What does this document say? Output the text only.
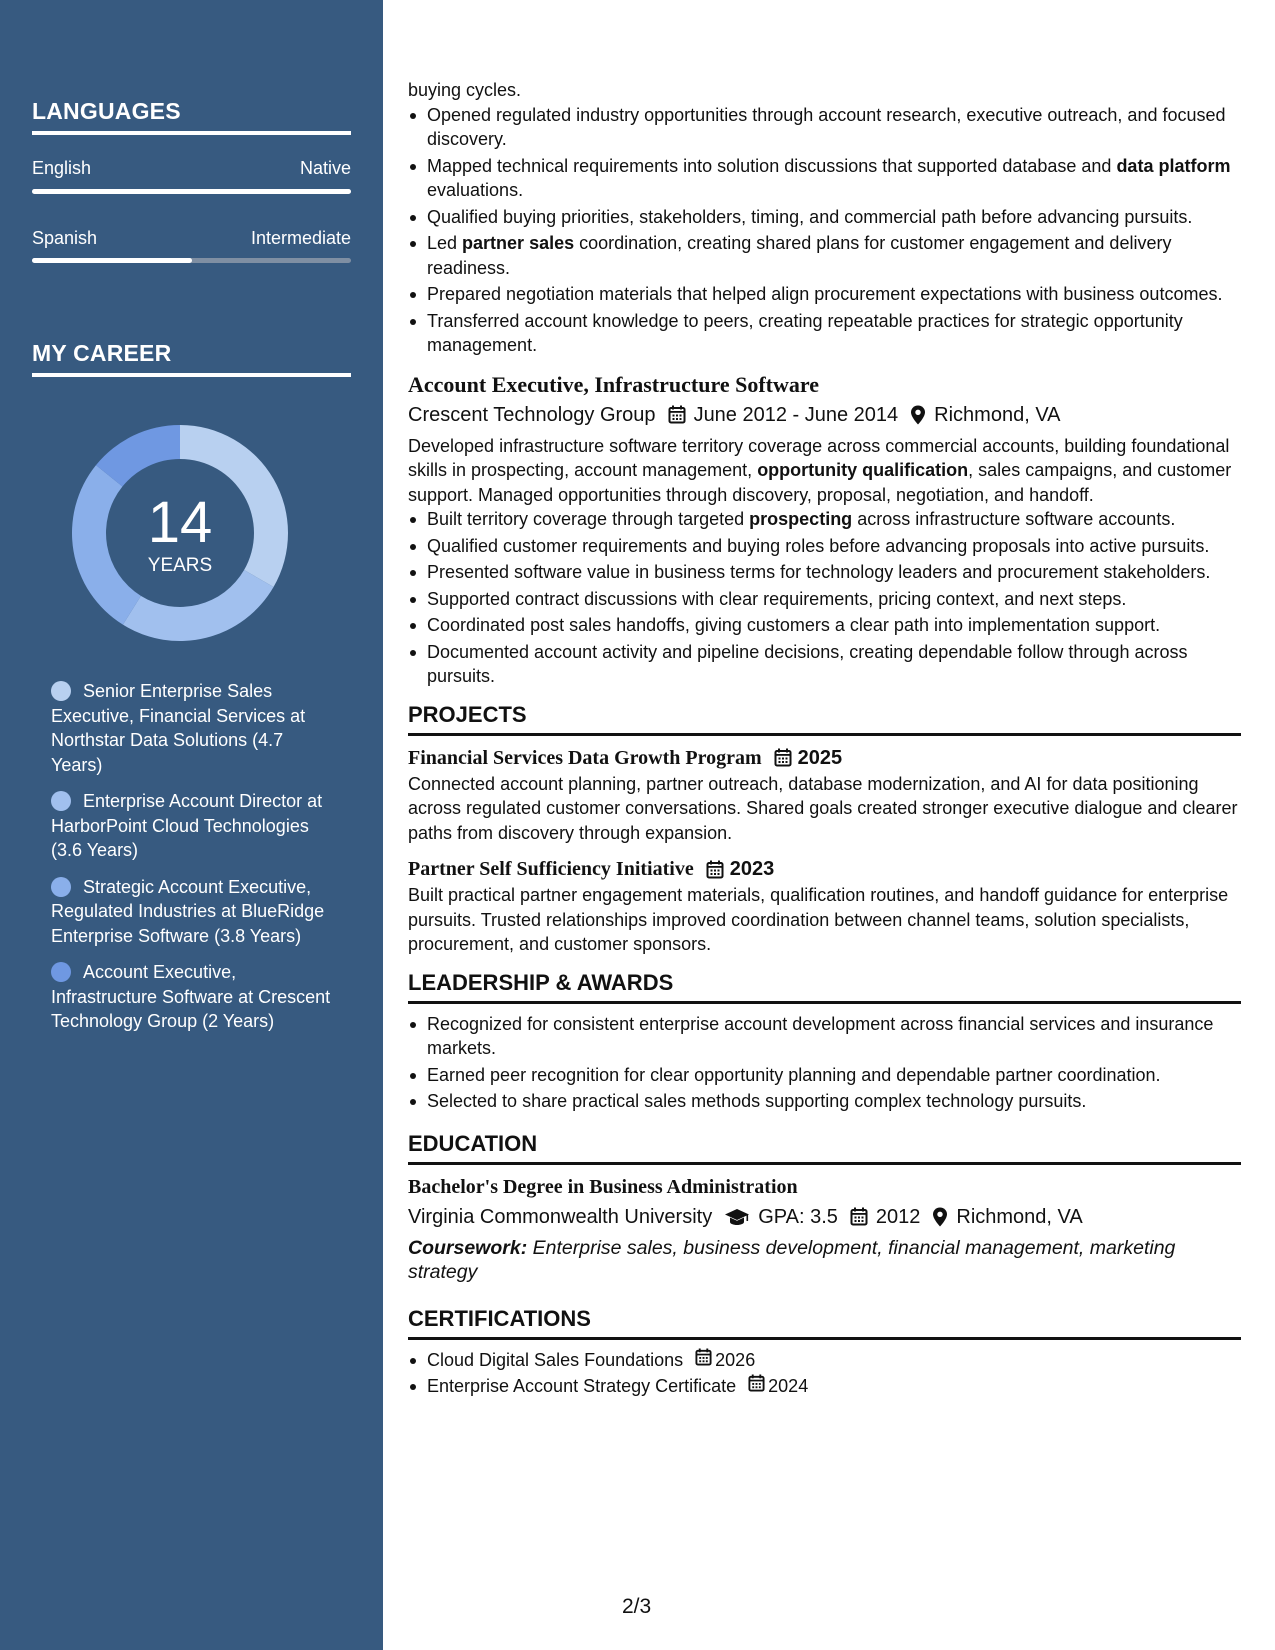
LANGUAGES
English	Native
Spanish	Intermediate
MY CAREER
14
YEARS
Senior Enterprise Sales Executive, Financial Services at Northstar Data Solutions (4.7 Years)
Enterprise Account Director at HarborPoint Cloud Technologies (3.6 Years)
Strategic Account Executive, Regulated Industries at BlueRidge Enterprise Software (3.8 Years)
Account Executive, Infrastructure Software at Crescent Technology Group (2 Years)
buying cycles.
Opened regulated industry opportunities through account research, executive outreach, and focused discovery.
Mapped technical requirements into solution discussions that supported database and data platform evaluations.
Qualified buying priorities, stakeholders, timing, and commercial path before advancing pursuits.
Led partner sales coordination, creating shared plans for customer engagement and delivery readiness.
Prepared negotiation materials that helped align procurement expectations with business outcomes.
Transferred account knowledge to peers, creating repeatable practices for strategic opportunity management.
Account Executive, Infrastructure Software
Crescent Technology Group June 2012 - June 2014 Richmond, VA
Developed infrastructure software territory coverage across commercial accounts, building foundational skills in prospecting, account management, opportunity qualification, sales campaigns, and customer support. Managed opportunities through discovery, proposal, negotiation, and handoff.
Built territory coverage through targeted prospecting across infrastructure software accounts.
Qualified customer requirements and buying roles before advancing proposals into active pursuits.
Presented software value in business terms for technology leaders and procurement stakeholders.
Supported contract discussions with clear requirements, pricing context, and next steps.
Coordinated post sales handoffs, giving customers a clear path into implementation support.
Documented account activity and pipeline decisions, creating dependable follow through across pursuits.
PROJECTS
Financial Services Data Growth Program 2025
Connected account planning, partner outreach, database modernization, and AI for data positioning across regulated customer conversations. Shared goals created stronger executive dialogue and clearer paths from discovery through expansion.
Partner Self Sufficiency Initiative 2023
Built practical partner engagement materials, qualification routines, and handoff guidance for enterprise pursuits. Trusted relationships improved coordination between channel teams, solution specialists, procurement, and customer sponsors.
LEADERSHIP & AWARDS
Recognized for consistent enterprise account development across financial services and insurance markets.
Earned peer recognition for clear opportunity planning and dependable partner coordination.
Selected to share practical sales methods supporting complex technology pursuits.
EDUCATION
Bachelor's Degree in Business Administration
Virginia Commonwealth University GPA: 3.5 2012 Richmond, VA
Coursework: Enterprise sales, business development, financial management, marketing strategy
CERTIFICATIONS
Cloud Digital Sales Foundations 2026
Enterprise Account Strategy Certificate 2024
2/3
